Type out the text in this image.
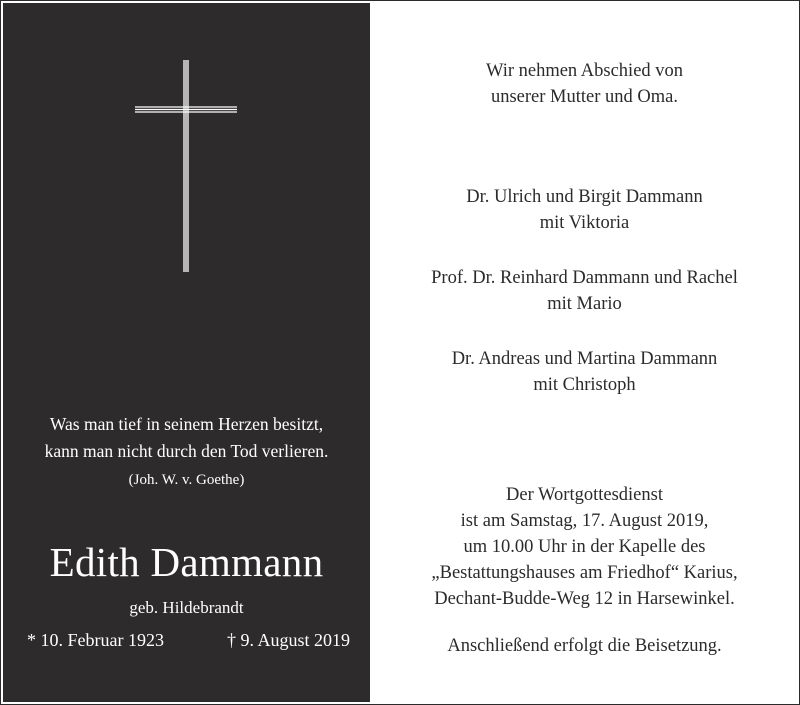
Was man tief in seinem Herzen besitzt,
kann man nicht durch den Tod verlieren.
(Joh. W. v. Goethe)
Edith Dammann
geb. Hildebrandt
* 10. Februar 1923	† 9. August 2019
Wir nehmen Abschied von
unserer Mutter und Oma.
Dr. Ulrich und Birgit Dammann
mit Viktoria
Prof. Dr. Reinhard Dammann und Rachel
mit Mario
Dr. Andreas und Martina Dammann
mit Christoph
Der Wortgottesdienst
ist am Samstag, 17. August 2019,
um 10.00 Uhr in der Kapelle des
„Bestattungshauses am Friedhof“ Karius,
Dechant-Budde-Weg 12 in Harsewinkel.
Anschließend erfolgt die Beisetzung.
